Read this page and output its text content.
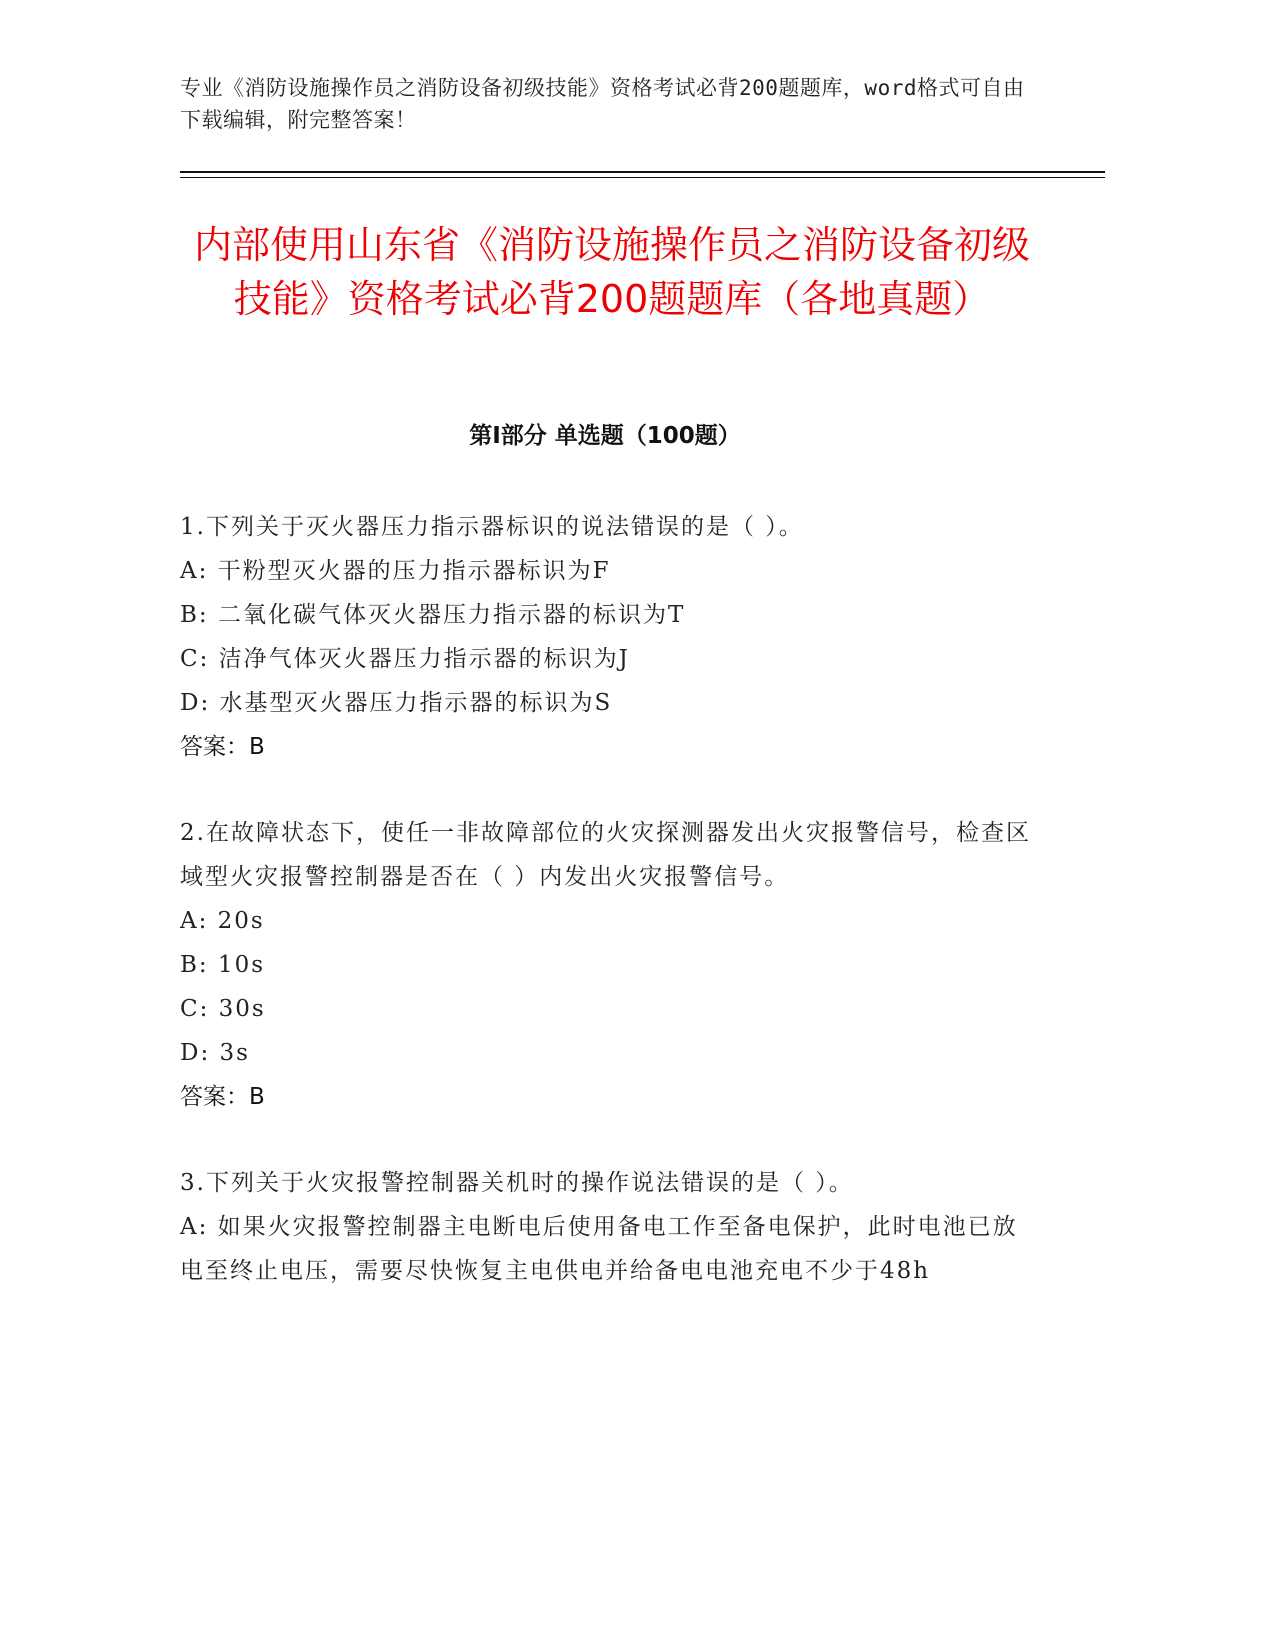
专业《消防设施操作员之消防设备初级技能》资格考试必背200题题库，word格式可自由下载编辑，附完整答案！
内部使用山东省《消防设施操作员之消防设备初级技能》资格考试必背200题题库（各地真题）
第Ⅰ部分 单选题（100题）
1.下列关于灭火器压力指示器标识的说法错误的是（ ）。
A: 干粉型灭火器的压力指示器标识为F
B: 二氧化碳气体灭火器压力指示器的标识为T
C: 洁净气体灭火器压力指示器的标识为J
D: 水基型灭火器压力指示器的标识为S
答案：B
2.在故障状态下，使任一非故障部位的火灾探测器发出火灾报警信号，检查区域型火灾报警控制器是否在（ ）内发出火灾报警信号。
A: 20s
B: 10s
C: 30s
D: 3s
答案：B
3.下列关于火灾报警控制器关机时的操作说法错误的是（ ）。
A: 如果火灾报警控制器主电断电后使用备电工作至备电保护，此时电池已放电至终止电压，需要尽快恢复主电供电并给备电电池充电不少于48h
